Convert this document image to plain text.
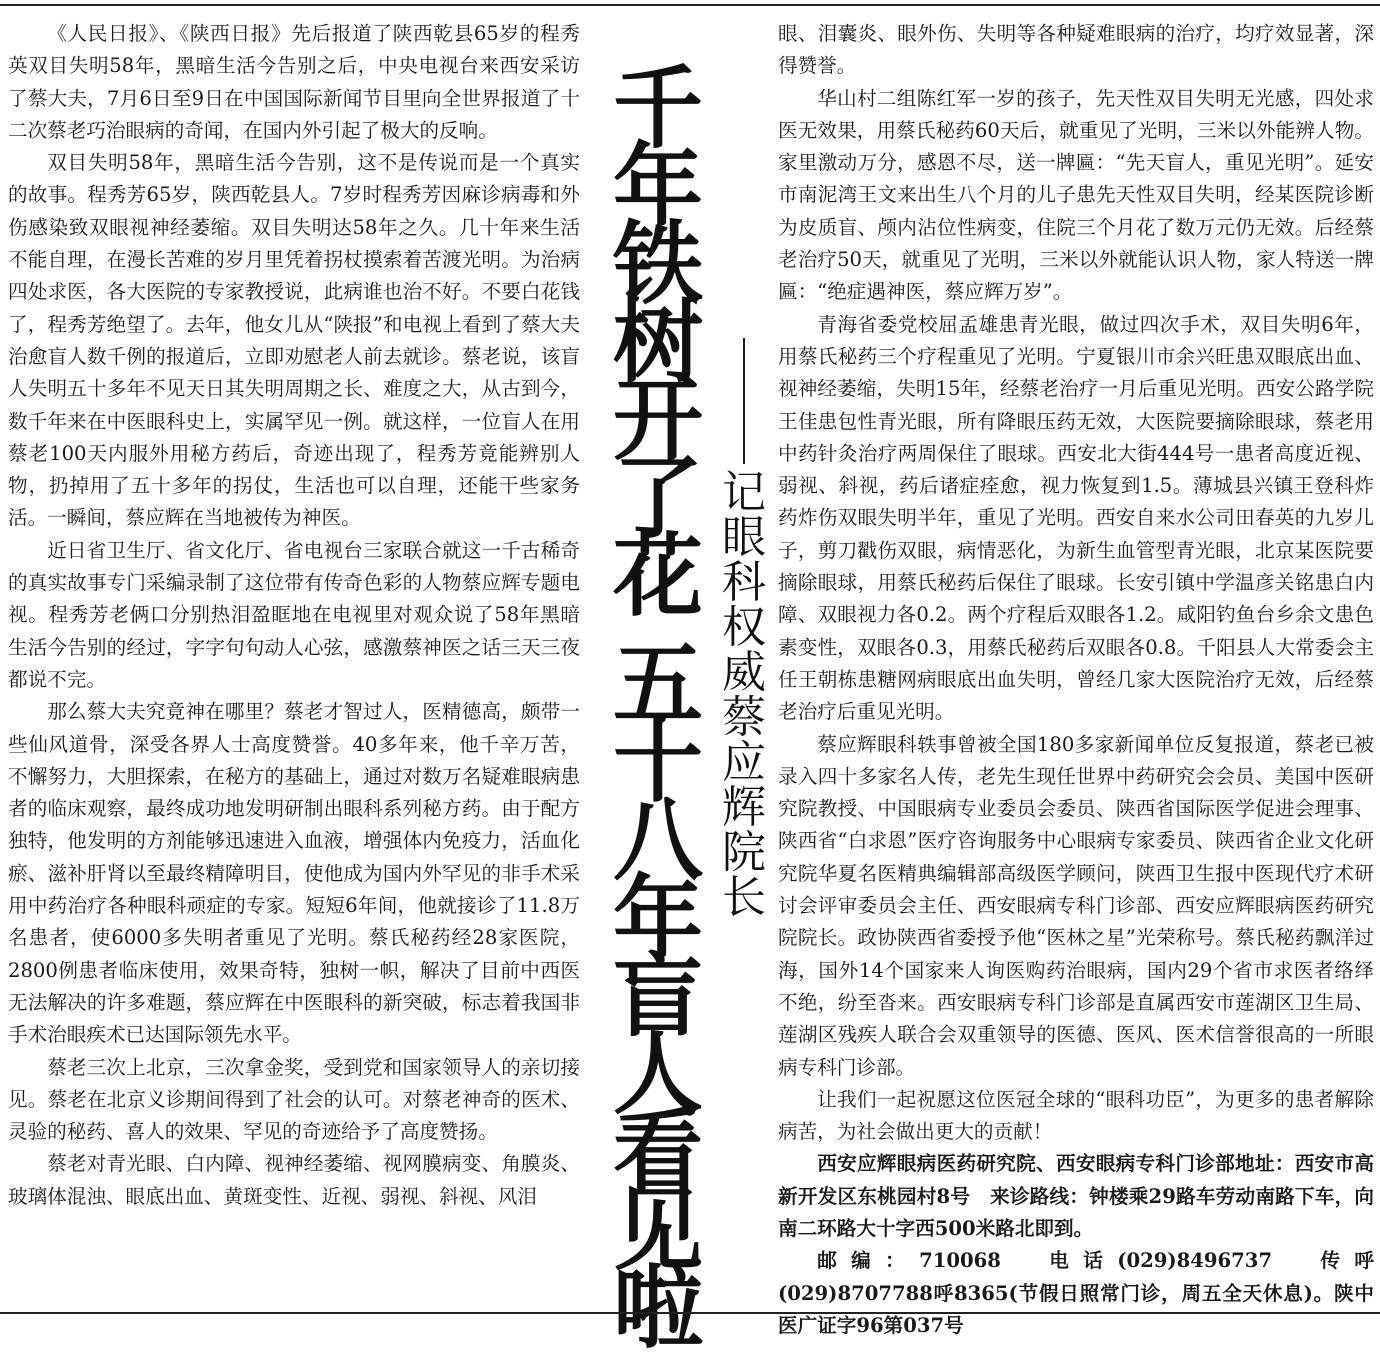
《人民日报》、《陕西日报》先后报道了陕西乾县65岁的程秀英双目失明58年，黑暗生活今告别之后，中央电视台来西安采访了蔡大夫，7月6日至9日在中国国际新闻节目里向全世界报道了十二次蔡老巧治眼病的奇闻，在国内外引起了极大的反响。

双目失明58年，黑暗生活今告别，这不是传说而是一个真实的故事。程秀芳65岁，陕西乾县人。7岁时程秀芳因麻诊病毒和外伤感染致双眼视神经萎缩。双目失明达58年之久。几十年来生活不能自理，在漫长苦难的岁月里凭着拐杖摸索着苦渡光明。为治病四处求医，各大医院的专家教授说，此病谁也治不好。不要白花钱了，程秀芳绝望了。去年，他女儿从“陕报”和电视上看到了蔡大夫治愈盲人数千例的报道后，立即劝慰老人前去就诊。蔡老说，该盲人失明五十多年不见天日其失明周期之长、难度之大，从古到今，数千年来在中医眼科史上，实属罕见一例。就这样，一位盲人在用蔡老100天内服外用秘方药后，奇迹出现了，程秀芳竟能辨别人物，扔掉用了五十多年的拐仗，生活也可以自理，还能干些家务活。一瞬间，蔡应辉在当地被传为神医。

近日省卫生厅、省文化厅、省电视台三家联合就这一千古稀奇的真实故事专门采编录制了这位带有传奇色彩的人物蔡应辉专题电视。程秀芳老俩口分别热泪盈眶地在电视里对观众说了58年黑暗生活今告别的经过，字字句句动人心弦，感激蔡神医之话三天三夜都说不完。

那么蔡大夫究竟神在哪里？蔡老才智过人，医精德高，颇带一些仙风道骨，深受各界人士高度赞誉。40多年来，他千辛万苦，不懈努力，大胆探索，在秘方的基础上，通过对数万名疑难眼病患者的临床观察，最终成功地发明研制出眼科系列秘方药。由于配方独特，他发明的方剂能够迅速进入血液，增强体内免疫力，活血化瘀、滋补肝肾以至最终精障明目，使他成为国内外罕见的非手术采用中药治疗各种眼科顽症的专家。短短6年间，他就接诊了11.8万名患者，使6000多失明者重见了光明。蔡氏秘药经28家医院，2800例患者临床使用，效果奇特，独树一帜，解决了目前中西医无法解决的许多难题，蔡应辉在中医眼科的新突破，标志着我国非手术治眼疾术已达国际领先水平。

蔡老三次上北京，三次拿金奖，受到党和国家领导人的亲切接见。蔡老在北京义诊期间得到了社会的认可。对蔡老神奇的医术、灵验的秘药、喜人的效果、罕见的奇迹给予了高度赞扬。

蔡老对青光眼、白内障、视神经萎缩、视网膜病变、角膜炎、玻璃体混浊、眼底出血、黄斑变性、近视、弱视、斜视、风泪

千
年
铁
树
开
了
花
五
十
八
年
盲
人
看
见
啦
记
眼
科
权
威
蔡
应
辉
院
长

眼、泪囊炎、眼外伤、失明等各种疑难眼病的治疗，均疗效显著，深得赞誉。

华山村二组陈红军一岁的孩子，先天性双目失明无光感，四处求医无效果，用蔡氏秘药60天后，就重见了光明，三米以外能辨人物。家里激动万分，感恩不尽，送一牌匾：“先天盲人，重见光明”。延安市南泥湾王文来出生八个月的儿子患先天性双目失明，经某医院诊断为皮质盲、颅内沾位性病变，住院三个月花了数万元仍无效。后经蔡老治疗50天，就重见了光明，三米以外就能认识人物，家人特送一牌匾：“绝症遇神医，蔡应辉万岁”。

青海省委党校屈孟雄患青光眼，做过四次手术，双目失明6年，用蔡氏秘药三个疗程重见了光明。宁夏银川市余兴旺患双眼底出血、视神经萎缩，失明15年，经蔡老治疗一月后重见光明。西安公路学院王佳患包性青光眼，所有降眼压药无效，大医院要摘除眼球，蔡老用中药针灸治疗两周保住了眼球。西安北大街444号一患者高度近视、弱视、斜视，药后诸症痊愈，视力恢复到1.5。薄城县兴镇王登科炸药炸伤双眼失明半年，重见了光明。西安自来水公司田春英的九岁儿子，剪刀戳伤双眼，病情恶化，为新生血管型青光眼，北京某医院要摘除眼球，用蔡氏秘药后保住了眼球。长安引镇中学温彦关铭患白内障、双眼视力各0.2。两个疗程后双眼各1.2。咸阳钓鱼台乡余文患色素变性，双眼各0.3，用蔡氏秘药后双眼各0.8。千阳县人大常委会主任王朝栋患糖网病眼底出血失明，曾经几家大医院治疗无效，后经蔡老治疗后重见光明。

蔡应辉眼科轶事曾被全国180多家新闻单位反复报道，蔡老已被录入四十多家名人传，老先生现任世界中药研究会会员、美国中医研究院教授、中国眼病专业委员会委员、陕西省国际医学促进会理事、陕西省“白求恩”医疗咨询服务中心眼病专家委员、陕西省企业文化研究院华夏名医精典编辑部高级医学顾问，陕西卫生报中医现代疗术研讨会评审委员会主任、西安眼病专科门诊部、西安应辉眼病医药研究院院长。政协陕西省委授予他“医林之星”光荣称号。蔡氏秘药飘洋过海，国外14个国家来人询医购药治眼病，国内29个省市求医者络绎不绝，纷至沓来。西安眼病专科门诊部是直属西安市莲湖区卫生局、莲湖区残疾人联合会双重领导的医德、医风、医术信誉很高的一所眼病专科门诊部。

让我们一起祝愿这位医冠全球的“眼科功臣”，为更多的患者解除病苦，为社会做出更大的贡献！

西安应辉眼病医药研究院、西安眼病专科门诊部地址：西安市高新开发区东桃园村8号　来诊路线：钟楼乘29路车劳动南路下车，向南二环路大十字西500米路北即到。

邮编：710068　电话(029)8496737　传呼(029)8707788呼8365(节假日照常门诊，周五全天休息)。陕中医广证字96第037号
